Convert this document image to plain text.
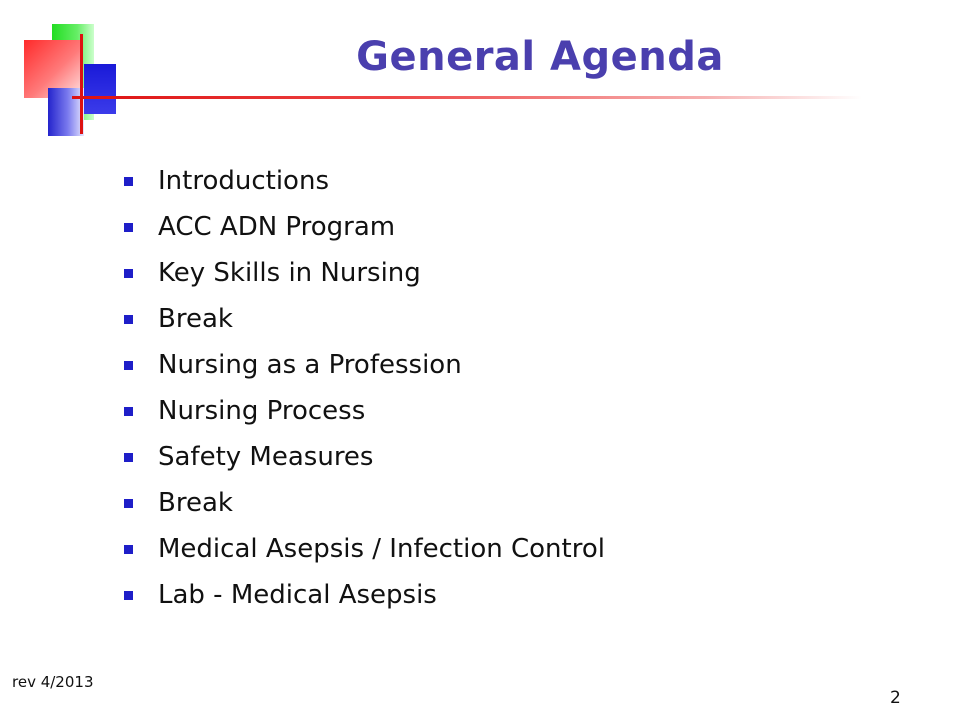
General Agenda
Introductions
ACC ADN Program
Key Skills in Nursing
Break
Nursing as a Profession
Nursing Process
Safety Measures
Break
Medical Asepsis / Infection Control
Lab - Medical Asepsis
rev 4/2013
2
